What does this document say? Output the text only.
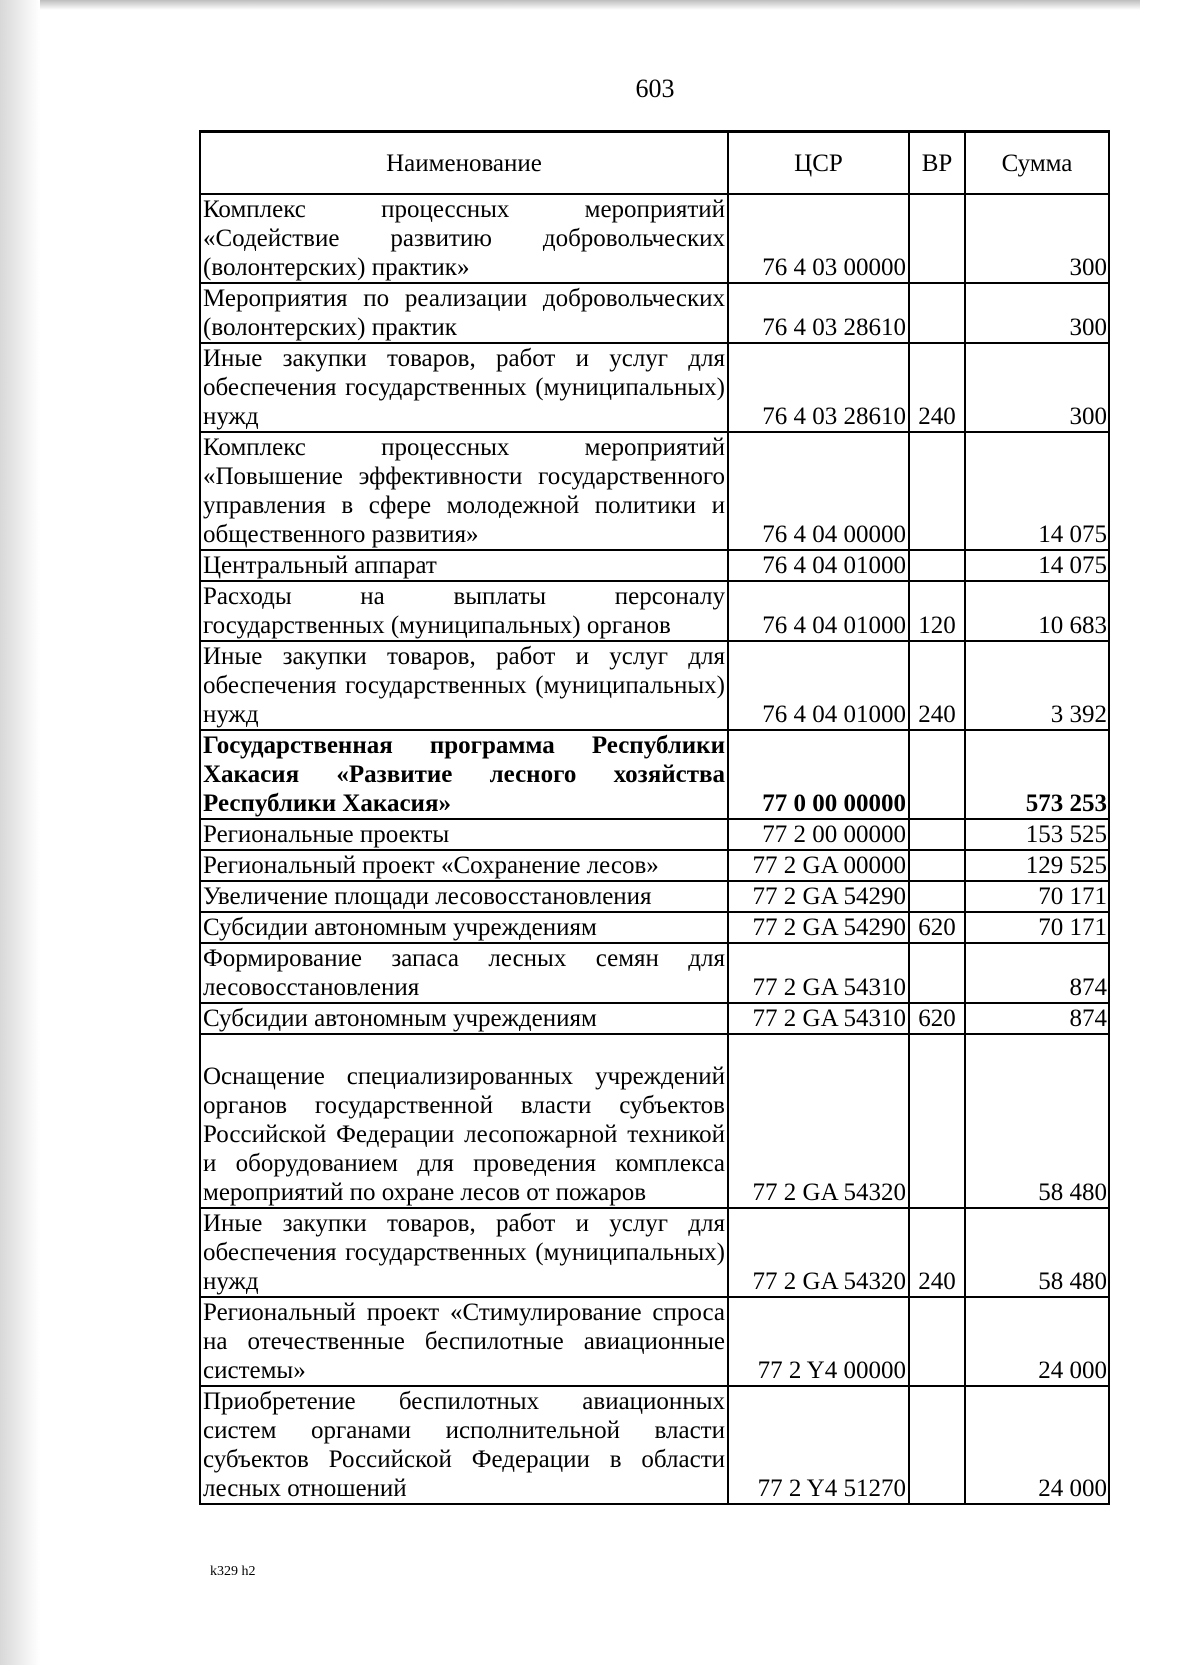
603
Наименование	ЦСР	ВР	Сумма
Комплекс процессных мероприятий «Содействие развитию добровольческих (волонтерских) практик»	76 4 03 00000		300
Мероприятия по реализации добровольческих (волонтерских) практик	76 4 03 28610		300
Иные закупки товаров, работ и услуг для обеспечения государственных (муниципальных) нужд	76 4 03 28610	240	300
Комплекс процессных мероприятий «Повышение эффективности государственного управления в сфере молодежной политики и общественного развития»	76 4 04 00000		14 075
Центральный аппарат	76 4 04 01000		14 075
Расходы на выплаты персоналу государственных (муниципальных) органов	76 4 04 01000	120	10 683
Иные закупки товаров, работ и услуг для обеспечения государственных (муниципальных) нужд	76 4 04 01000	240	3 392
Государственная программа Республики Хакасия «Развитие лесного хозяйства Республики Хакасия»	77 0 00 00000		573 253
Региональные проекты	77 2 00 00000		153 525
Региональный проект «Сохранение лесов»	77 2 GA 00000		129 525
Увеличение площади лесовосстановления	77 2 GA 54290		70 171
Субсидии автономным учреждениям	77 2 GA 54290	620	70 171
Формирование запаса лесных семян для лесовосстановления	77 2 GA 54310		874
Субсидии автономным учреждениям	77 2 GA 54310	620	874
Оснащение специализированных учреждений органов государственной власти субъектов Российской Федерации лесопожарной техникой и оборудованием для проведения комплекса мероприятий по охране лесов от пожаров	77 2 GA 54320		58 480
Иные закупки товаров, работ и услуг для обеспечения государственных (муниципальных) нужд	77 2 GA 54320	240	58 480
Региональный проект «Стимулирование спроса на отечественные беспилотные авиационные системы»	77 2 Y4 00000		24 000
Приобретение беспилотных авиационных систем органами исполнительной власти субъектов Российской Федерации в области лесных отношений	77 2 Y4 51270		24 000
k329 h2
